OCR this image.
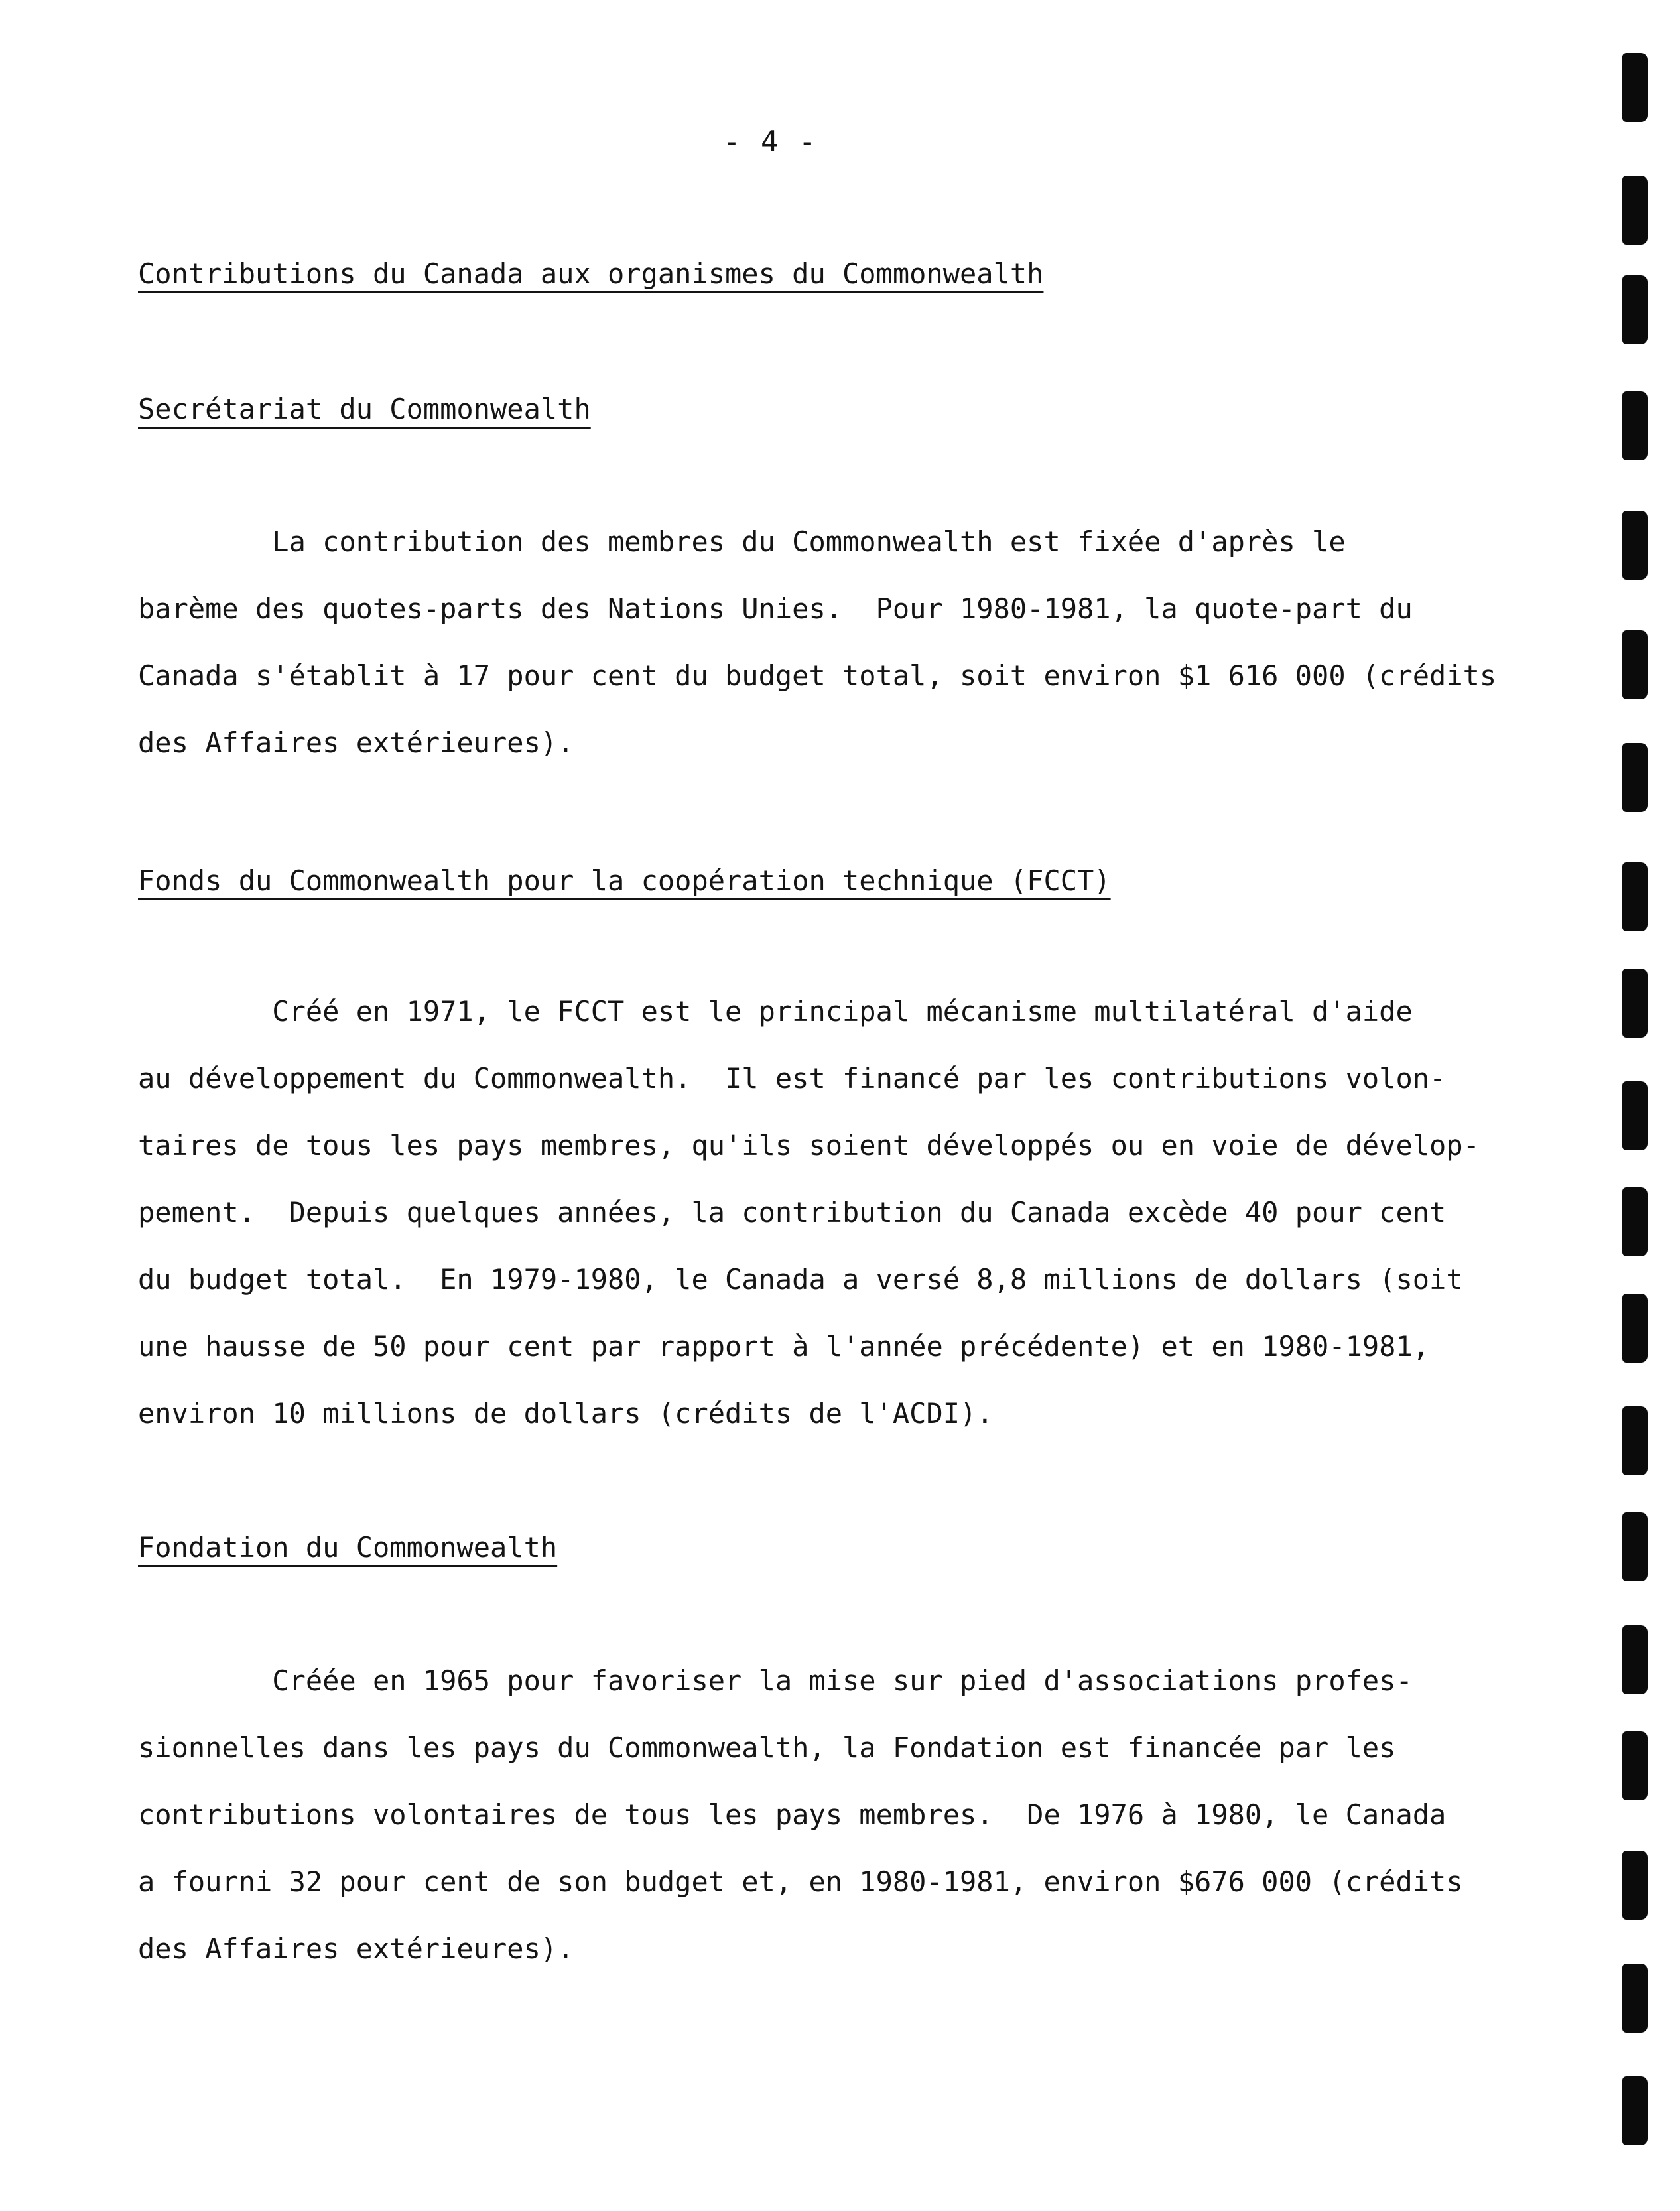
- 4 -
Contributions du Canada aux organismes du Commonwealth
Secrétariat du Commonwealth

La contribution des membres du Commonwealth est fixée d'après le
barème des quotes-parts des Nations Unies.  Pour 1980-1981, la quote-part du
Canada s'établit à 17 pour cent du budget total, soit environ $1 616 000 (crédits
des Affaires extérieures).

Fonds du Commonwealth pour la coopération technique (FCCT)

Créé en 1971, le FCCT est le principal mécanisme multilatéral d'aide
au développement du Commonwealth.  Il est financé par les contributions volon-
taires de tous les pays membres, qu'ils soient développés ou en voie de dévelop-
pement.  Depuis quelques années, la contribution du Canada excède 40 pour cent
du budget total.  En 1979-1980, le Canada a versé 8,8 millions de dollars (soit
une hausse de 50 pour cent par rapport à l'année précédente) et en 1980-1981,
environ 10 millions de dollars (crédits de l'ACDI).

Fondation du Commonwealth

Créée en 1965 pour favoriser la mise sur pied d'associations profes-
sionnelles dans les pays du Commonwealth, la Fondation est financée par les
contributions volontaires de tous les pays membres.  De 1976 à 1980, le Canada
a fourni 32 pour cent de son budget et, en 1980-1981, environ $676 000 (crédits
des Affaires extérieures).
